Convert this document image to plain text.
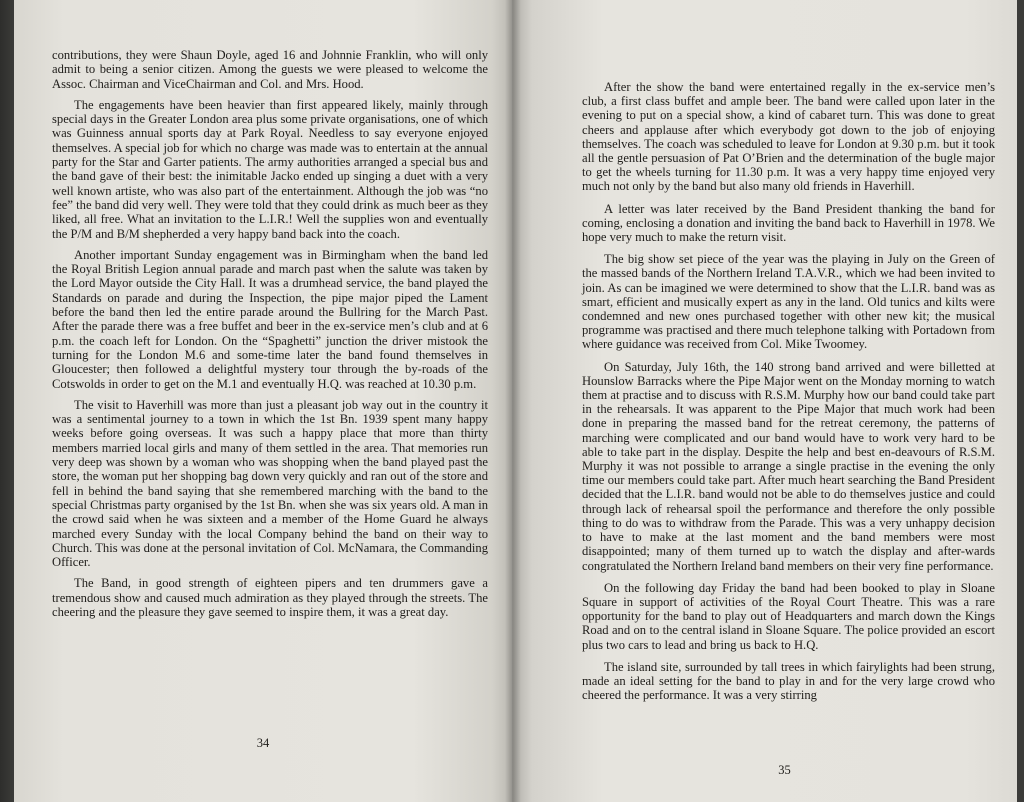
contributions, they were Shaun Doyle, aged 16 and Johnnie Franklin, who will only admit to being a senior citizen. Among the guests we were pleased to welcome the Assoc. Chairman and ViceChairman and Col. and Mrs. Hood.

The engagements have been heavier than first appeared likely, mainly through special days in the Greater London area plus some private organisations, one of which was Guinness annual sports day at Park Royal. Needless to say everyone enjoyed themselves. A special job for which no charge was made was to entertain at the annual party for the Star and Garter patients. The army authorities arranged a special bus and the band gave of their best: the inimitable Jacko ended up singing a duet with a very well known artiste, who was also part of the entertainment. Although the job was “no fee” the band did very well. They were told that they could drink as much beer as they liked, all free. What an invitation to the L.I.R.! Well the supplies won and eventually the P/M and B/M shepherded a very happy band back into the coach.

Another important Sunday engagement was in Birmingham when the band led the Royal British Legion annual parade and march past when the salute was taken by the Lord Mayor outside the City Hall. It was a drumhead service, the band played the Standards on parade and during the Inspection, the pipe major piped the Lament before the band then led the entire parade around the Bullring for the March Past. After the parade there was a free buffet and beer in the ex-service men’s club and at 6 p.m. the coach left for London. On the “Spaghetti” junction the driver mistook the turning for the London M.6 and some-time later the band found themselves in Gloucester; then followed a delightful mystery tour through the by-roads of the Cotswolds in order to get on the M.1 and eventually H.Q. was reached at 10.30 p.m.

The visit to Haverhill was more than just a pleasant job way out in the country it was a sentimental journey to a town in which the 1st Bn. 1939 spent many happy weeks before going overseas. It was such a happy place that more than thirty members married local girls and many of them settled in the area. That memories run very deep was shown by a woman who was shopping when the band played past the store, the woman put her shopping bag down very quickly and ran out of the store and fell in behind the band saying that she remembered marching with the band to the special Christmas party organised by the 1st Bn. when she was six years old. A man in the crowd said when he was sixteen and a member of the Home Guard he always marched every Sunday with the local Company behind the band on their way to Church. This was done at the personal invitation of Col. McNamara, the Commanding Officer.

The Band, in good strength of eighteen pipers and ten drummers gave a tremendous show and caused much admiration as they played through the streets. The cheering and the pleasure they gave seemed to inspire them, it was a great day.

34

After the show the band were entertained regally in the ex-service men’s club, a first class buffet and ample beer. The band were called upon later in the evening to put on a special show, a kind of cabaret turn. This was done to great cheers and applause after which everybody got down to the job of enjoying themselves. The coach was scheduled to leave for London at 9.30 p.m. but it took all the gentle persuasion of Pat O’Brien and the determination of the bugle major to get the wheels turning for 11.30 p.m. It was a very happy time enjoyed very much not only by the band but also many old friends in Haverhill.

A letter was later received by the Band President thanking the band for coming, enclosing a donation and inviting the band back to Haverhill in 1978. We hope very much to make the return visit.

The big show set piece of the year was the playing in July on the Green of the massed bands of the Northern Ireland T.A.V.R., which we had been invited to join. As can be imagined we were determined to show that the L.I.R. band was as smart, efficient and musically expert as any in the land. Old tunics and kilts were condemned and new ones purchased together with other new kit; the musical programme was practised and there much telephone talking with Portadown from where guidance was received from Col. Mike Twoomey.

On Saturday, July 16th, the 140 strong band arrived and were billetted at Hounslow Barracks where the Pipe Major went on the Monday morning to watch them at practise and to discuss with R.S.M. Murphy how our band could take part in the rehearsals. It was apparent to the Pipe Major that much work had been done in preparing the massed band for the retreat ceremony, the patterns of marching were complicated and our band would have to work very hard to be able to take part in the display. Despite the help and best en-deavours of R.S.M. Murphy it was not possible to arrange a single practise in the evening the only time our members could take part. After much heart searching the Band President decided that the L.I.R. band would not be able to do themselves justice and could through lack of rehearsal spoil the performance and therefore the only possible thing to do was to withdraw from the Parade. This was a very unhappy decision to have to make at the last moment and the band members were most disappointed; many of them turned up to watch the display and after-wards congratulated the Northern Ireland band members on their very fine performance.

On the following day Friday the band had been booked to play in Sloane Square in support of activities of the Royal Court Theatre. This was a rare opportunity for the band to play out of Headquarters and march down the Kings Road and on to the central island in Sloane Square. The police provided an escort plus two cars to lead and bring us back to H.Q.

The island site, surrounded by tall trees in which fairylights had been strung, made an ideal setting for the band to play in and for the very large crowd who cheered the performance. It was a very stirring

35
